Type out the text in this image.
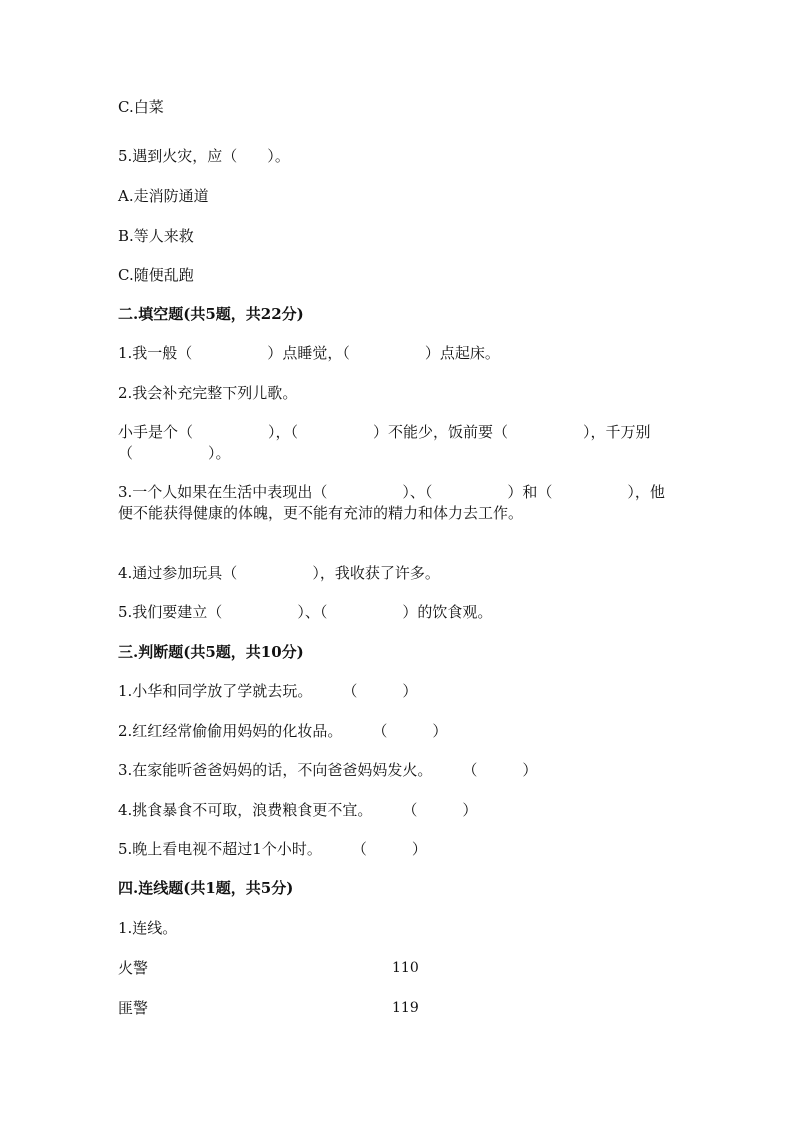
C.白菜
5.遇到火灾，应（　　）。
A.走消防通道
B.等人来救
C.随便乱跑
二.填空题(共5题，共22分)
1.我一般（　　　　　）点睡觉，（　　　　　）点起床。
2.我会补充完整下列儿歌。
小手是个（　　　　　），（　　　　　）不能少，饭前要（　　　　　），千万别（　　　　　）。
3.一个人如果在生活中表现出（　　　　　）、（　　　　　）和（　　　　　），他便不能获得健康的体魄，更不能有充沛的精力和体力去工作。
4.通过参加玩具（　　　　　），我收获了许多。
5.我们要建立（　　　　　）、（　　　　　）的饮食观。
三.判断题(共5题，共10分)
1.小华和同学放了学就去玩。　　　（　　　）
2.红红经常偷偷用妈妈的化妆品。　　　（　　　）
3.在家能听爸爸妈妈的话，不向爸爸妈妈发火。　　　（　　　）
4.挑食暴食不可取，浪费粮食更不宜。　　　（　　　）
5.晚上看电视不超过1个小时。　　　（　　　）
四.连线题(共1题，共5分)
1.连线。
火警	110
匪警	119
